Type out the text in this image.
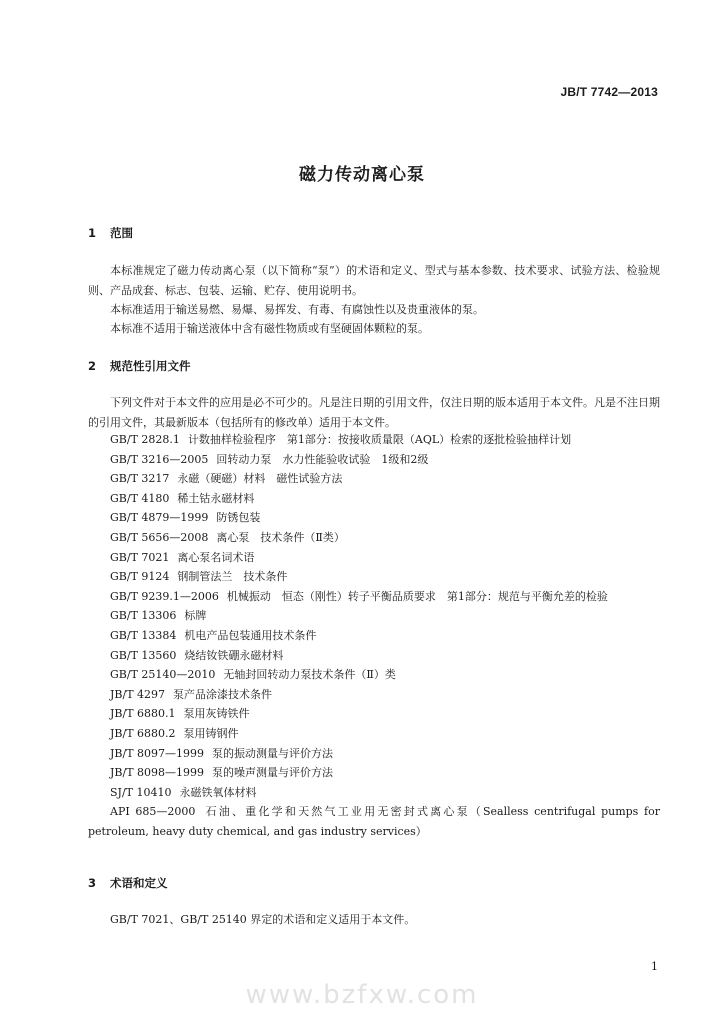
JB/T 7742—2013
磁力传动离心泵
1 范围
本标准规定了磁力传动离心泵（以下简称“泵”）的术语和定义、型式与基本参数、技术要求、试验方法、检验规则、产品成套、标志、包装、运输、贮存、使用说明书。
本标准适用于输送易燃、易爆、易挥发、有毒、有腐蚀性以及贵重液体的泵。
本标准不适用于输送液体中含有磁性物质或有坚硬固体颗粒的泵。
2 规范性引用文件
下列文件对于本文件的应用是必不可少的。凡是注日期的引用文件，仅注日期的版本适用于本文件。凡是不注日期的引用文件，其最新版本（包括所有的修改单）适用于本文件。
GB/T 2828.1 计数抽样检验程序　第1部分：按接收质量限（AQL）检索的逐批检验抽样计划
GB/T 3216—2005 回转动力泵　水力性能验收试验　1级和2级
GB/T 3217 永磁（硬磁）材料　磁性试验方法
GB/T 4180 稀土钴永磁材料
GB/T 4879—1999 防锈包装
GB/T 5656—2008 离心泵　技术条件（Ⅱ类）
GB/T 7021 离心泵名词术语
GB/T 9124 钢制管法兰　技术条件
GB/T 9239.1—2006 机械振动　恒态（刚性）转子平衡品质要求　第1部分：规范与平衡允差的检验
GB/T 13306 标牌
GB/T 13384 机电产品包装通用技术条件
GB/T 13560 烧结钕铁硼永磁材料
GB/T 25140—2010 无轴封回转动力泵技术条件（Ⅱ）类
JB/T 4297 泵产品涂漆技术条件
JB/T 6880.1 泵用灰铸铁件
JB/T 6880.2 泵用铸钢件
JB/T 8097—1999 泵的振动测量与评价方法
JB/T 8098—1999 泵的噪声测量与评价方法
SJ/T 10410 永磁铁氧体材料
API 685—2000 石油、重化学和天然气工业用无密封式离心泵（Sealless centrifugal pumps for petroleum, heavy duty chemical, and gas industry services）
3 术语和定义
GB/T 7021、GB/T 25140 界定的术语和定义适用于本文件。
1
www.bzfxw.com
